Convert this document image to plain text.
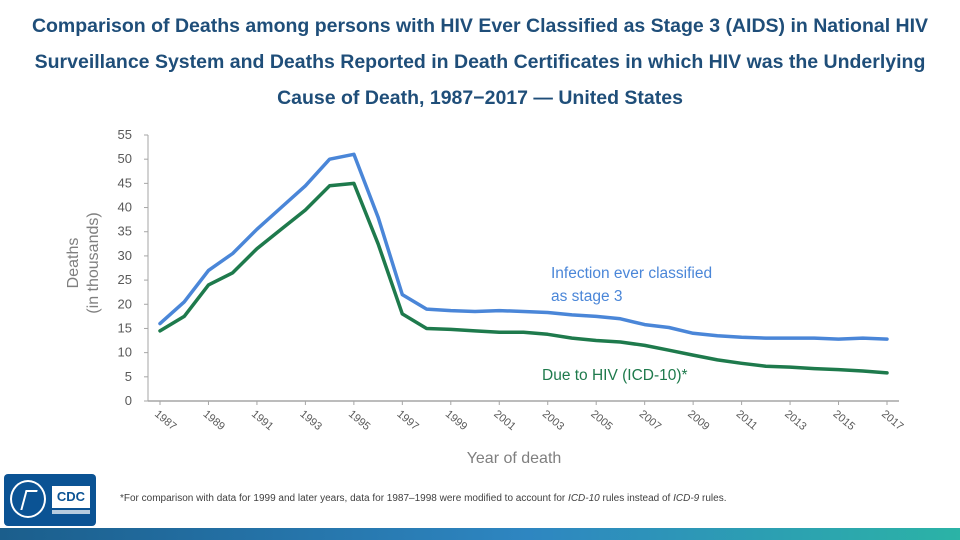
Comparison of Deaths among persons with HIV Ever Classified as Stage 3 (AIDS) in National HIV Surveillance System and Deaths Reported in Death Certificates in which HIV was the Underlying Cause of Death, 1987−2017 — United States
0
5
10
15
20
25
30
35
40
45
50
55
1987 1989 1991 1993 1995 1997 1999 2001 2003 2005 2007 2009 2011 2013 2015 2017
Deaths (in thousands)
Year of death
Infection ever classified
as stage 3
Due to HIV (ICD-10)*
*For comparison with data for 1999 and later years, data for 1987–1998 were modified to account for ICD-10 rules instead of ICD-9 rules.
CDC
